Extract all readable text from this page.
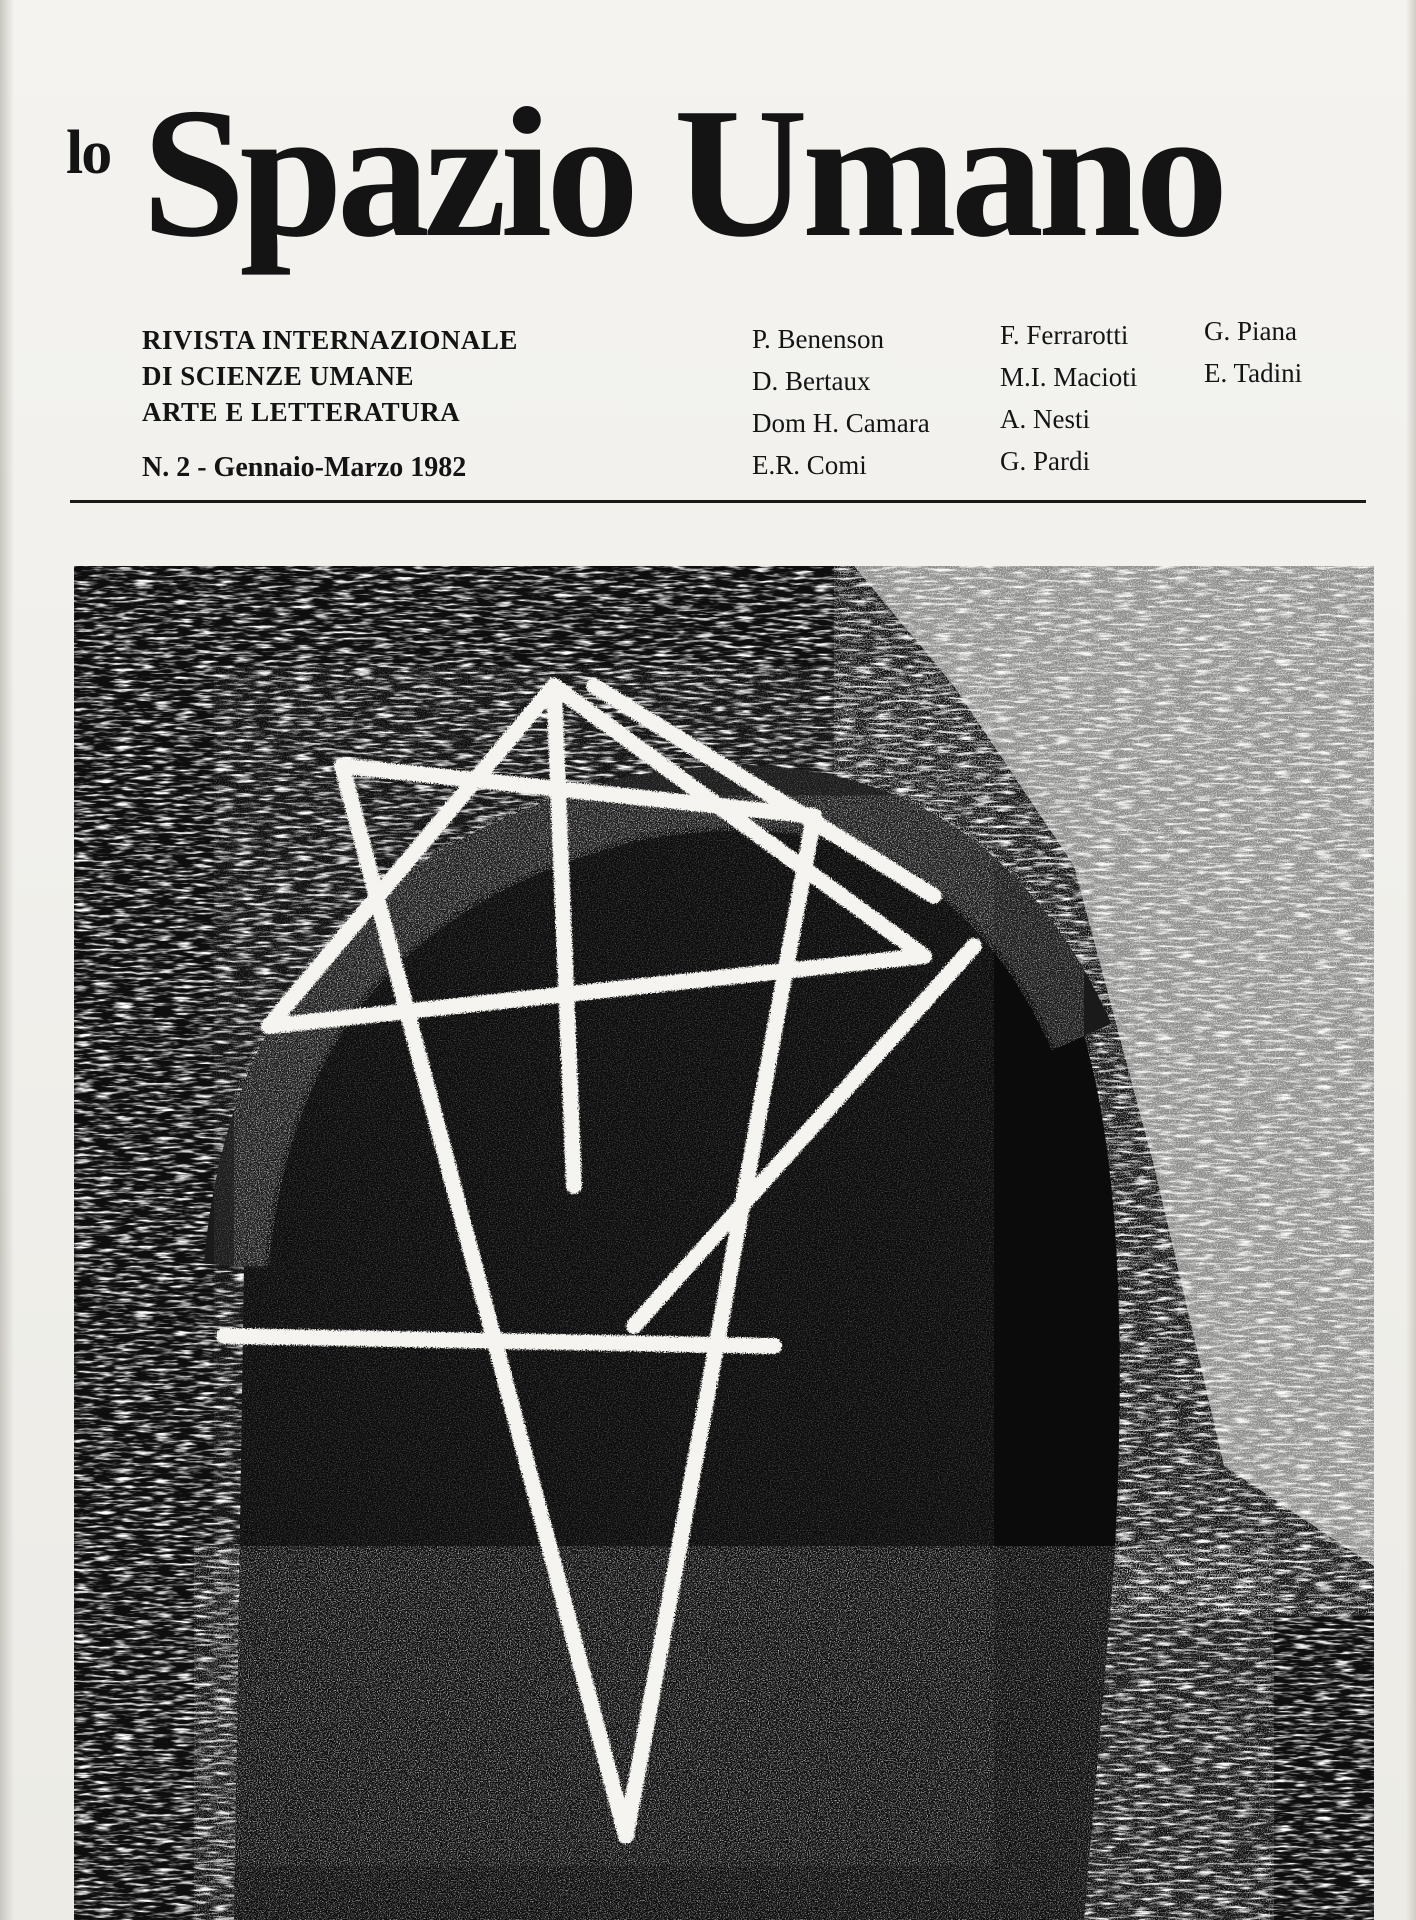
lo Spazio Umano
RIVISTA INTERNAZIONALE
DI SCIENZE UMANE
ARTE E LETTERATURA
N. 2 - Gennaio-Marzo 1982
P. Benenson
D. Bertaux
Dom H. Camara
E.R. Comi
F. Ferrarotti
M.I. Macioti
A. Nesti
G. Pardi
G. Piana
E. Tadini
